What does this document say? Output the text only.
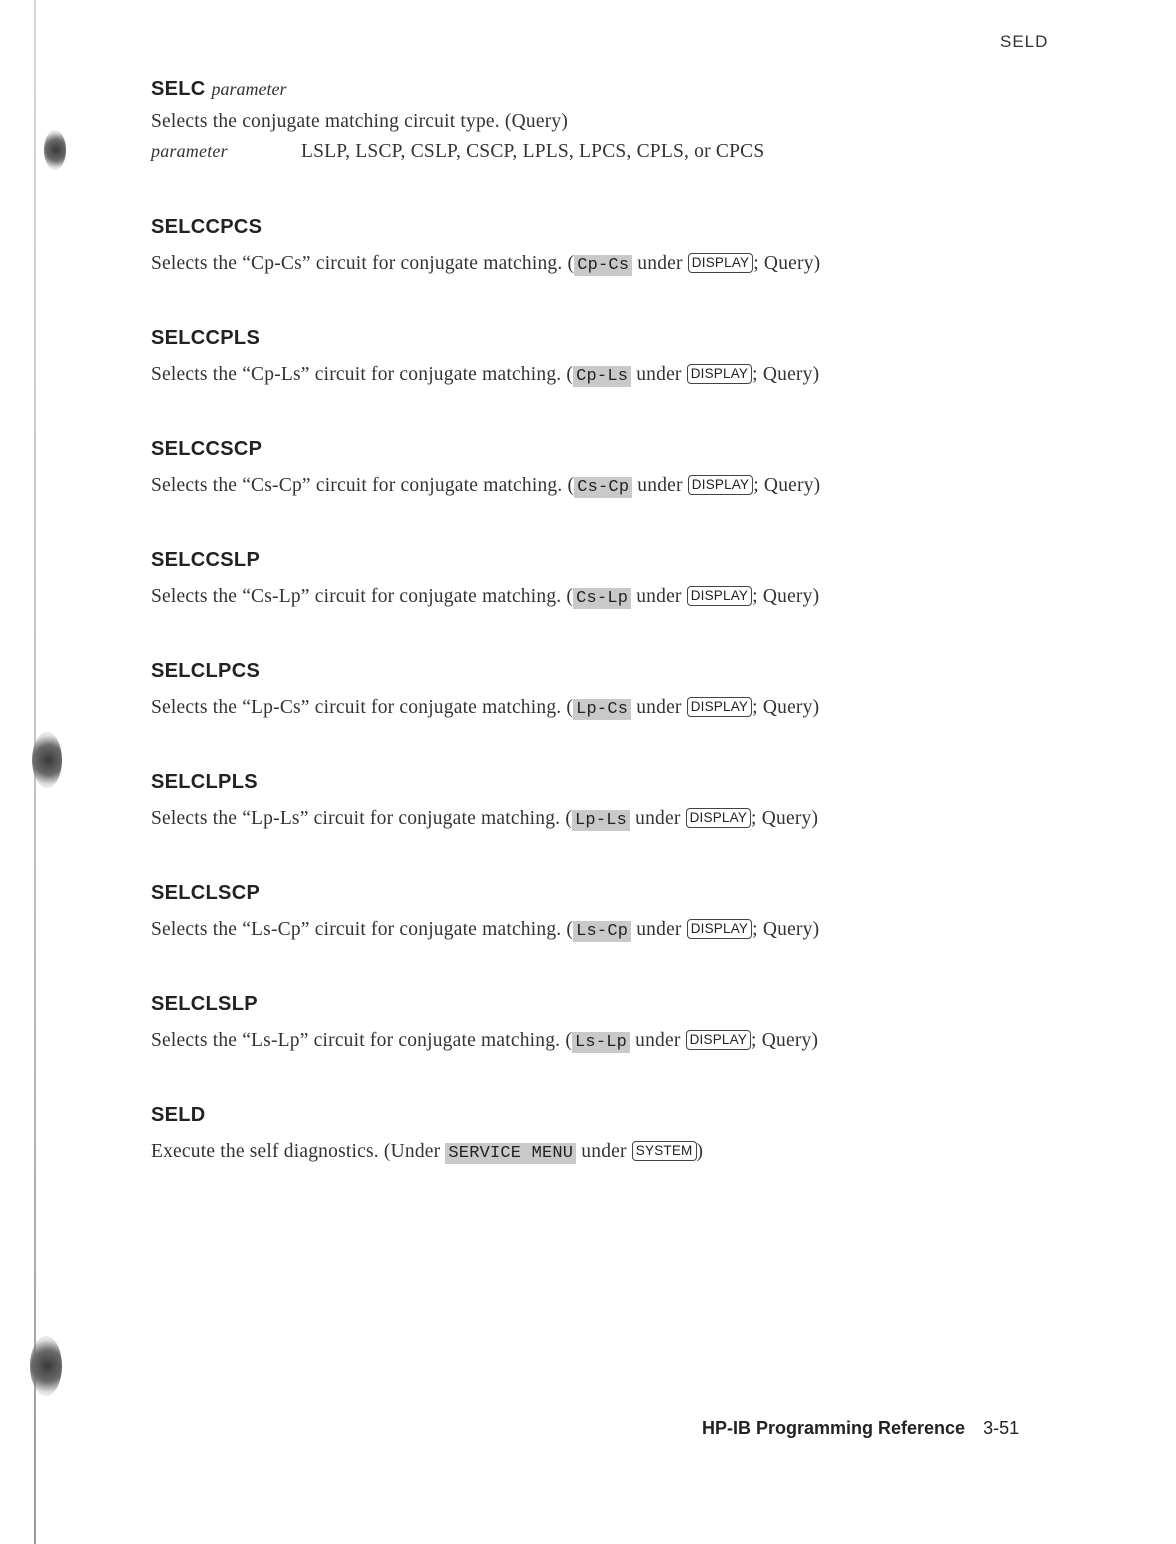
SELD
SELC parameter
Selects the conjugate matching circuit type. (Query)
parameter	LSLP, LSCP, CSLP, CSCP, LPLS, LPCS, CPLS, or CPCS
SELCCPCS
Selects the “Cp-Cs” circuit for conjugate matching. ( Cp-Cs under DISPLAY ; Query)
SELCCPLS
Selects the “Cp-Ls” circuit for conjugate matching. ( Cp-Ls under DISPLAY ; Query)
SELCCSCP
Selects the “Cs-Cp” circuit for conjugate matching. ( Cs-Cp under DISPLAY ; Query)
SELCCSLP
Selects the “Cs-Lp” circuit for conjugate matching. ( Cs-Lp under DISPLAY ; Query)
SELCLPCS
Selects the “Lp-Cs” circuit for conjugate matching. ( Lp-Cs under DISPLAY ; Query)
SELCLPLS
Selects the “Lp-Ls” circuit for conjugate matching. ( Lp-Ls under DISPLAY ; Query)
SELCLSCP
Selects the “Ls-Cp” circuit for conjugate matching. ( Ls-Cp under DISPLAY ; Query)
SELCLSLP
Selects the “Ls-Lp” circuit for conjugate matching. ( Ls-Lp under DISPLAY ; Query)
SELD
Execute the self diagnostics. (Under SERVICE MENU under SYSTEM )
HP-IB Programming Reference 3-51
